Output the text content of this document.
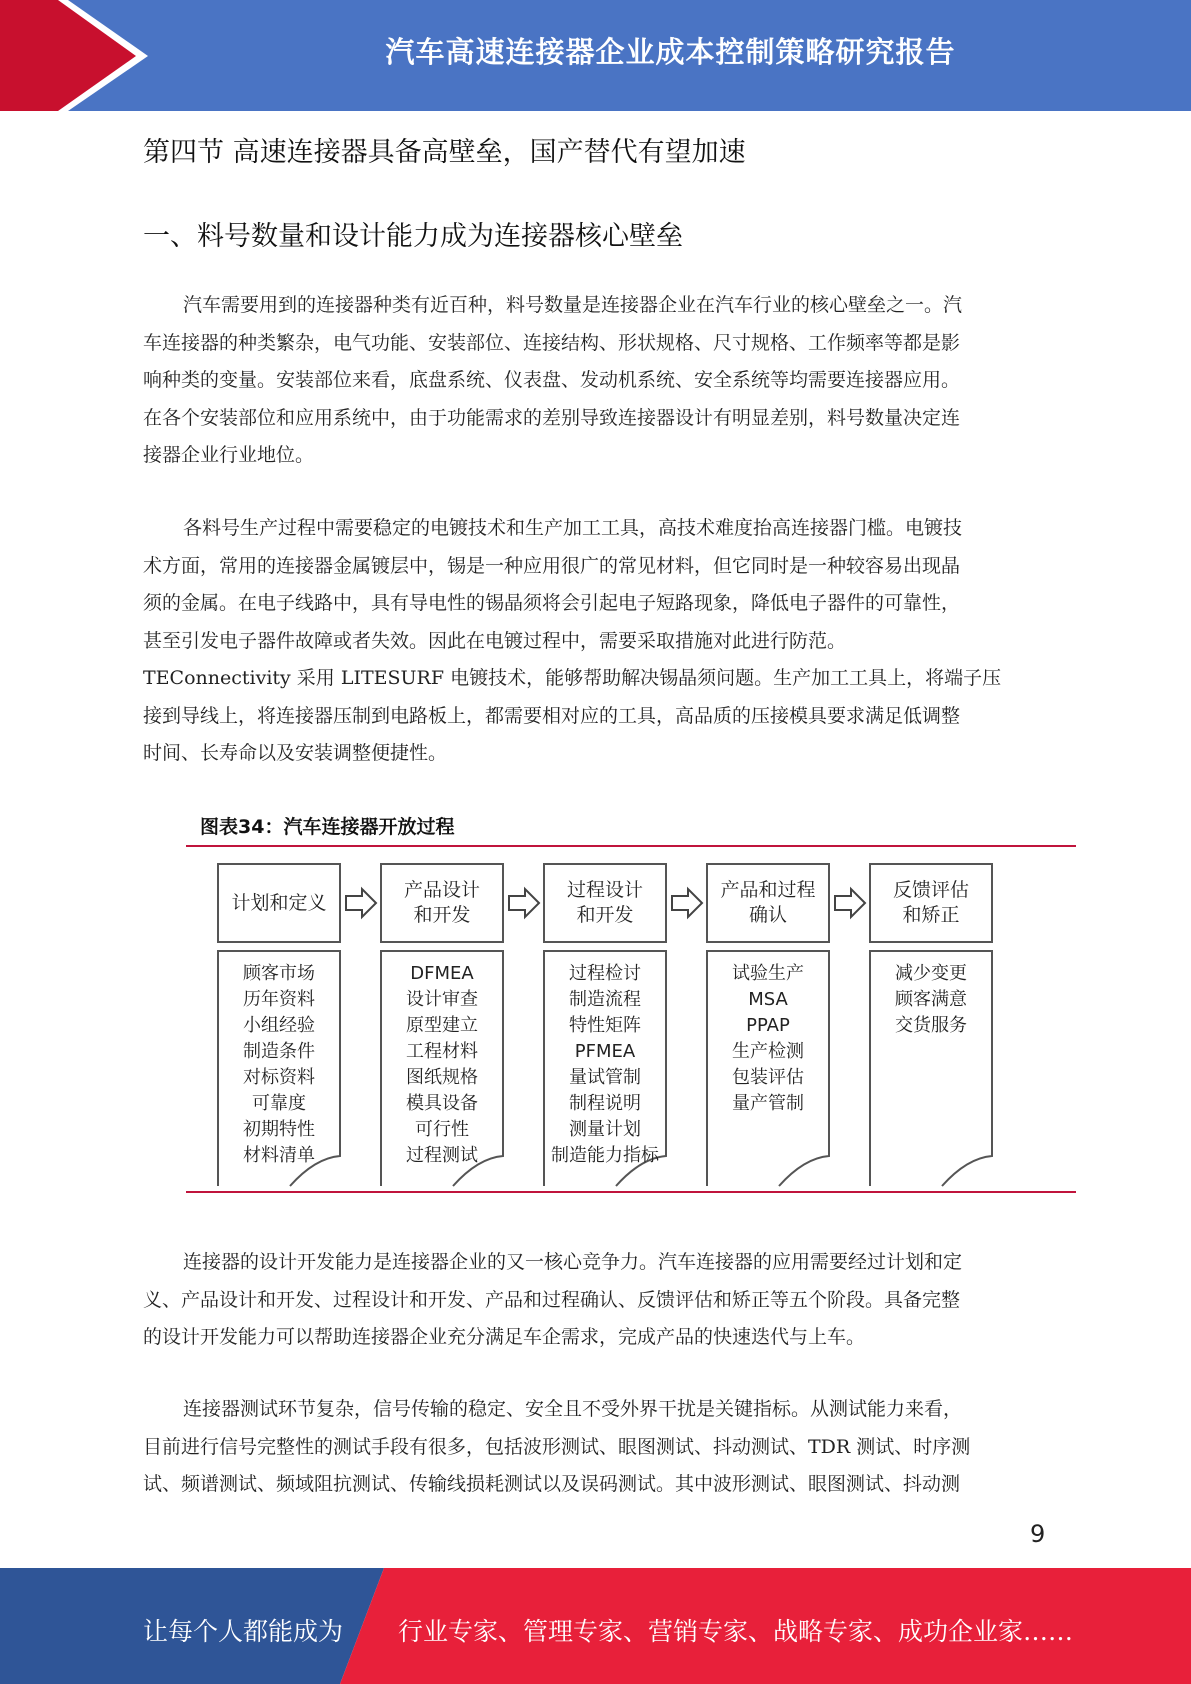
汽车高速连接器企业成本控制策略研究报告
第四节 高速连接器具备高壁垒，国产替代有望加速
一、料号数量和设计能力成为连接器核心壁垒
汽车需要用到的连接器种类有近百种，料号数量是连接器企业在汽车行业的核心壁垒之一。汽
车连接器的种类繁杂，电气功能、安装部位、连接结构、形状规格、尺寸规格、工作频率等都是影
响种类的变量。安装部位来看，底盘系统、仪表盘、发动机系统、安全系统等均需要连接器应用。
在各个安装部位和应用系统中，由于功能需求的差别导致连接器设计有明显差别，料号数量决定连
接器企业行业地位。
各料号生产过程中需要稳定的电镀技术和生产加工工具，高技术难度抬高连接器门槛。电镀技
术方面，常用的连接器金属镀层中，锡是一种应用很广的常见材料，但它同时是一种较容易出现晶
须的金属。在电子线路中，具有导电性的锡晶须将会引起电子短路现象，降低电子器件的可靠性，
甚至引发电子器件故障或者失效。因此在电镀过程中，需要采取措施对此进行防范。
TEConnectivity 采用 LITESURF 电镀技术，能够帮助解决锡晶须问题。生产加工工具上，将端子压
接到导线上，将连接器压制到电路板上，都需要相对应的工具，高品质的压接模具要求满足低调整
时间、长寿命以及安装调整便捷性。
图表34：汽车连接器开放过程
计划和定义
顾客市场
历年资料
小组经验
制造条件
对标资料
可靠度
初期特性
材料清单
产品设计
和开发
DFMEA
设计审查
原型建立
工程材料
图纸规格
模具设备
可行性
过程测试
过程设计
和开发
过程检讨
制造流程
特性矩阵
PFMEA
量试管制
制程说明
测量计划
制造能力指标
产品和过程
确认
试验生产
MSA
PPAP
生产检测
包装评估
量产管制
反馈评估
和矫正
减少变更
顾客满意
交货服务
连接器的设计开发能力是连接器企业的又一核心竞争力。汽车连接器的应用需要经过计划和定
义、产品设计和开发、过程设计和开发、产品和过程确认、反馈评估和矫正等五个阶段。具备完整
的设计开发能力可以帮助连接器企业充分满足车企需求，完成产品的快速迭代与上车。
连接器测试环节复杂，信号传输的稳定、安全且不受外界干扰是关键指标。从测试能力来看，
目前进行信号完整性的测试手段有很多，包括波形测试、眼图测试、抖动测试、TDR 测试、时序测
试、频谱测试、频域阻抗测试、传输线损耗测试以及误码测试。其中波形测试、眼图测试、抖动测
9
让每个人都能成为 行业专家、管理专家、营销专家、战略专家、成功企业家……
